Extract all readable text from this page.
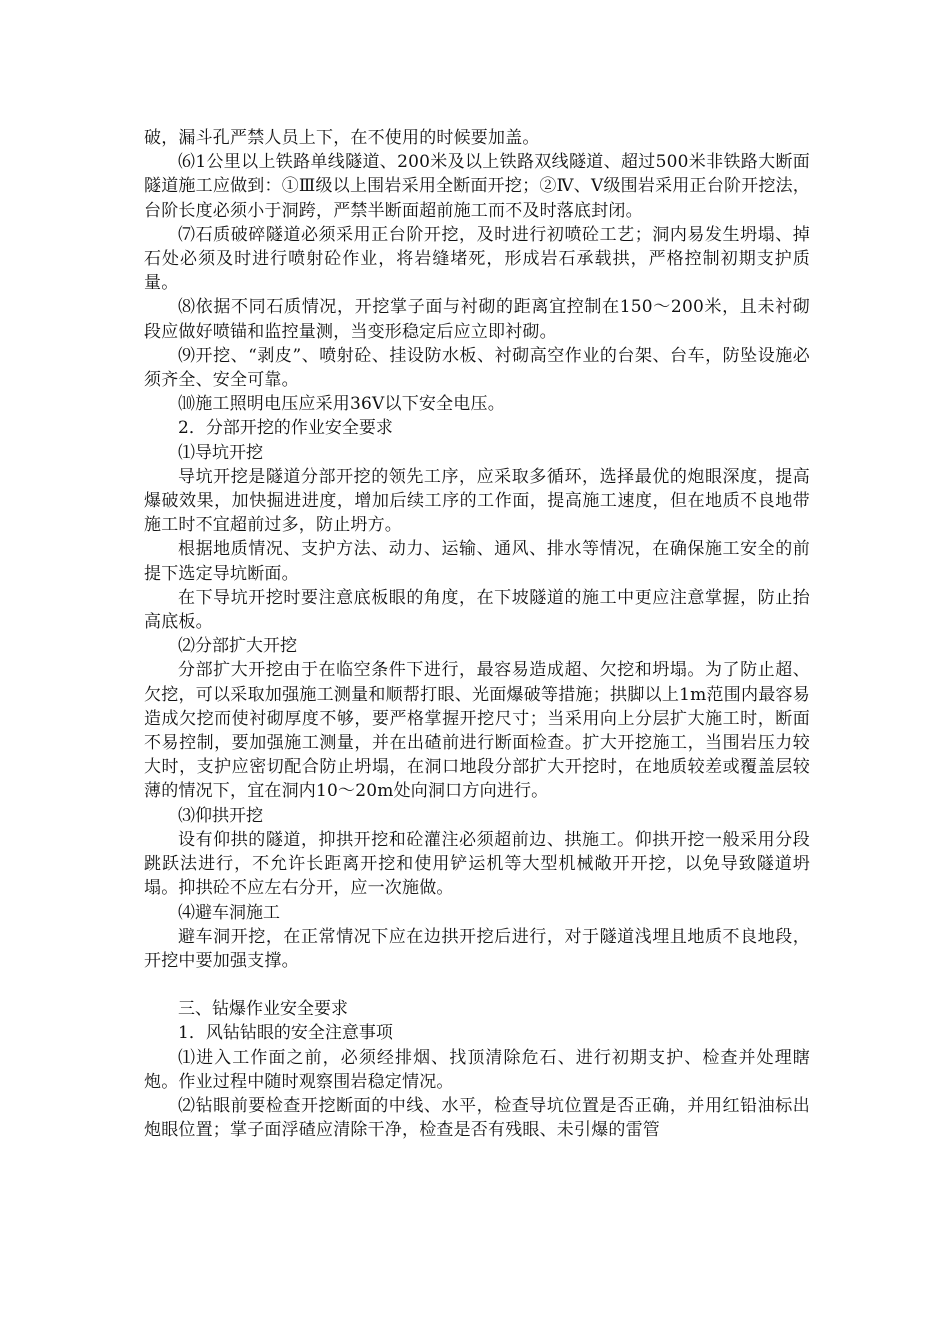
破，漏斗孔严禁人员上下，在不使用的时候要加盖。

⑹1公里以上铁路单线隧道、200米及以上铁路双线隧道、超过500米非铁路大断面隧道施工应做到：①Ⅲ级以上围岩采用全断面开挖；②Ⅳ、Ⅴ级围岩采用正台阶开挖法，台阶长度必须小于洞跨，严禁半断面超前施工而不及时落底封闭。

⑺石质破碎隧道必须采用正台阶开挖，及时进行初喷砼工艺；洞内易发生坍塌、掉石处必须及时进行喷射砼作业，将岩缝堵死，形成岩石承载拱，严格控制初期支护质量。

⑻依据不同石质情况，开挖掌子面与衬砌的距离宜控制在150～200米，且未衬砌段应做好喷锚和监控量测，当变形稳定后应立即衬砌。

⑼开挖、“剥皮”、喷射砼、挂设防水板、衬砌高空作业的台架、台车，防坠设施必须齐全、安全可靠。

⑽施工照明电压应采用36V以下安全电压。

2．分部开挖的作业安全要求

⑴导坑开挖

导坑开挖是隧道分部开挖的领先工序，应采取多循环，选择最优的炮眼深度，提高爆破效果，加快掘进进度，增加后续工序的工作面，提高施工速度，但在地质不良地带施工时不宜超前过多，防止坍方。

根据地质情况、支护方法、动力、运输、通风、排水等情况，在确保施工安全的前提下选定导坑断面。

在下导坑开挖时要注意底板眼的角度，在下坡隧道的施工中更应注意掌握，防止抬高底板。

⑵分部扩大开挖

分部扩大开挖由于在临空条件下进行，最容易造成超、欠挖和坍塌。为了防止超、欠挖，可以采取加强施工测量和顺帮打眼、光面爆破等措施；拱脚以上1m范围内最容易造成欠挖而使衬砌厚度不够，要严格掌握开挖尺寸；当采用向上分层扩大施工时，断面不易控制，要加强施工测量，并在出碴前进行断面检查。扩大开挖施工，当围岩压力较大时，支护应密切配合防止坍塌，在洞口地段分部扩大开挖时，在地质较差或覆盖层较薄的情况下，宜在洞内10～20m处向洞口方向进行。

⑶仰拱开挖

设有仰拱的隧道，抑拱开挖和砼灌注必须超前边、拱施工。仰拱开挖一般采用分段跳跃法进行，不允许长距离开挖和使用铲运机等大型机械敞开开挖，以免导致隧道坍塌。抑拱砼不应左右分开，应一次施做。

⑷避车洞施工

避车洞开挖，在正常情况下应在边拱开挖后进行，对于隧道浅埋且地质不良地段，开挖中要加强支撑。

三、钻爆作业安全要求

1．风钻钻眼的安全注意事项

⑴进入工作面之前，必须经排烟、找顶清除危石、进行初期支护、检查并处理瞎炮。作业过程中随时观察围岩稳定情况。

⑵钻眼前要检查开挖断面的中线、水平，检查导坑位置是否正确，并用红铅油标出炮眼位置；掌子面浮碴应清除干净，检查是否有残眼、未引爆的雷管
